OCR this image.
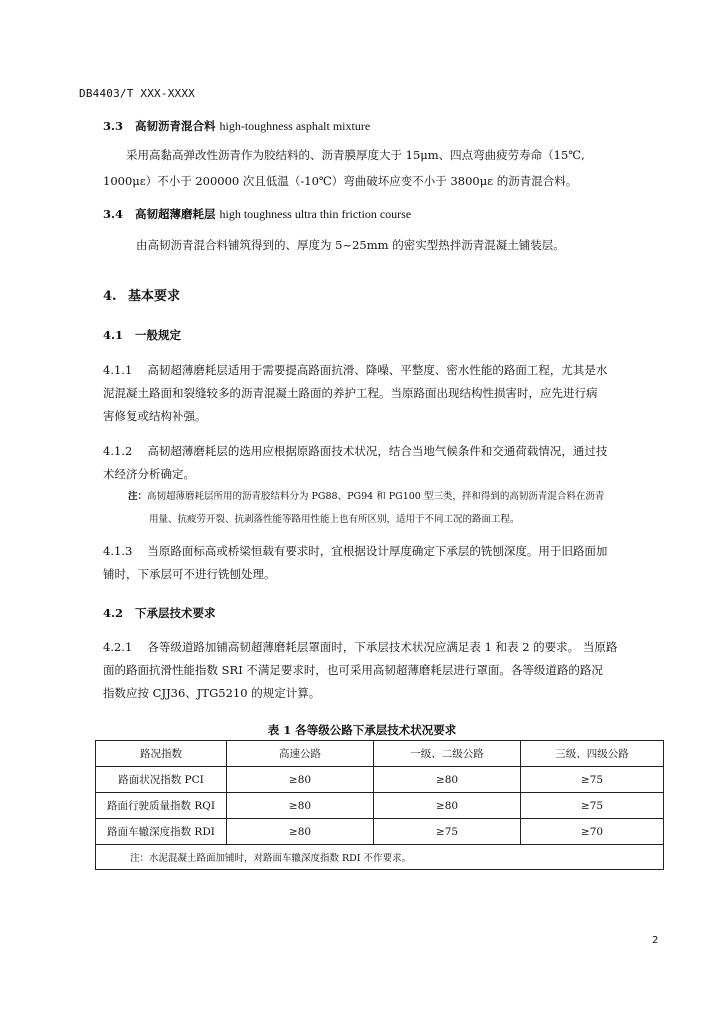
DB4403/T XXX-XXXX
3.3 高韧沥青混合料 high-toughness asphalt mixture
采用高黏高弹改性沥青作为胶结料的、沥青膜厚度大于 15μm、四点弯曲疲劳寿命（15℃,
1000με）不小于 200000 次且低温（-10℃）弯曲破坏应变不小于 3800με 的沥青混合料。
3.4 高韧超薄磨耗层 high toughness ultra thin friction course
由高韧沥青混合料铺筑得到的、厚度为 5~25mm 的密实型热拌沥青混凝土铺装层。
4. 基本要求
4.1 一般规定
4.1.1　 高韧超薄磨耗层适用于需要提高路面抗滑、降噪、平整度、密水性能的路面工程，尤其是水
泥混凝土路面和裂缝较多的沥青混凝土路面的养护工程。当原路面出现结构性损害时，应先进行病
害修复或结构补强。
4.1.2　 高韧超薄磨耗层的选用应根据原路面技术状况，结合当地气候条件和交通荷载情况，通过技
术经济分析确定。
注：高韧超薄磨耗层所用的沥青胶结料分为 PG88、PG94 和 PG100 型三类，拌和得到的高韧沥青混合料在沥青
用量、抗疲劳开裂、抗剥落性能等路用性能上也有所区别，适用于不同工况的路面工程。
4.1.3　 当原路面标高或桥梁恒载有要求时，宜根据设计厚度确定下承层的铣刨深度。用于旧路面加
铺时，下承层可不进行铣刨处理。
4.2 下承层技术要求
4.2.1　 各等级道路加铺高韧超薄磨耗层罩面时，下承层技术状况应满足表 1 和表 2 的要求。 当原路
面的路面抗滑性能指数 SRI 不满足要求时，也可采用高韧超薄磨耗层进行罩面。各等级道路的路况
指数应按 CJJ36、JTG5210 的规定计算。
表 1 各等级公路下承层技术状况要求
路况指数	高速公路	一级、二级公路	三级、四级公路
路面状况指数 PCI	≥80	≥80	≥75
路面行驶质量指数 RQI	≥80	≥80	≥75
路面车辙深度指数 RDI	≥80	≥75	≥70
注：水泥混凝土路面加铺时，对路面车辙深度指数 RDI 不作要求。			
2
